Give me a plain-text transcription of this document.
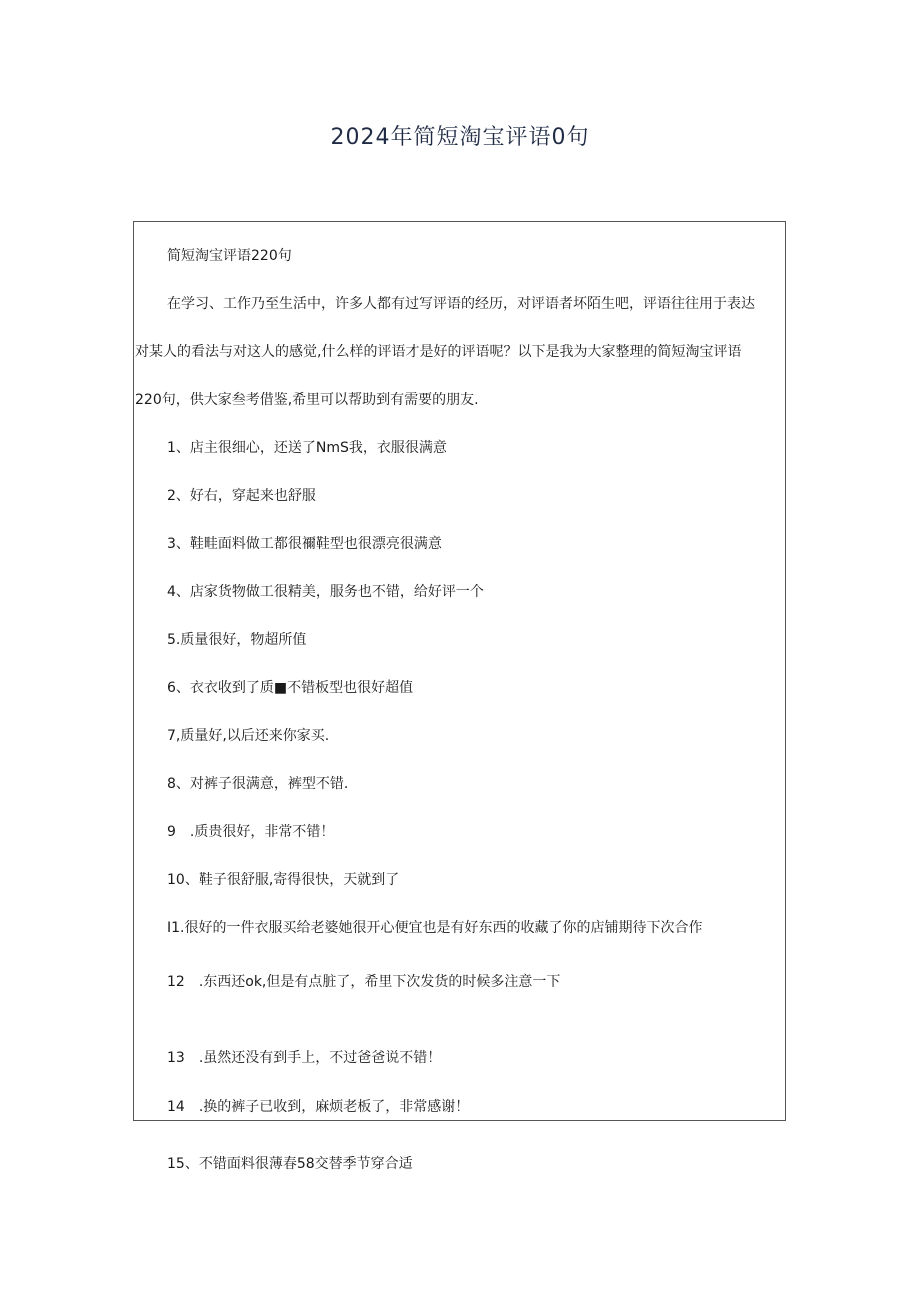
2024年简短淘宝评语0句
简短淘宝评语220句
在学习、工作乃至生活中，许多人都有过写评语的经历，对评语者坏陌生吧，评语往往用于表达
对某人的看法与对这人的感觉,什么样的评语才是好的评语呢？以下是我为大家整理的简短淘宝评语
220句，供大家叁考借鉴,希里可以帮助到有需要的朋友.
1、店主很细心，还送了NmS我，衣服很满意
2、好右，穿起来也舒服
3、鞋畦面料做工都很禰鞋型也很漂亮很满意
4、店家货物做工很精美，服务也不错，给好评一个
5.质量很好，物超所值
6、衣衣收到了质■不错板型也很好超值
7,质量好,以后还来你家买.
8、对裤子很满意，裤型不错.
9　.质贵很好，非常不错！
10、鞋子很舒服,寄得很快，天就到了
I1.很好的一件衣服买给老婆她很开心便宜也是有好东西的收藏了你的店铺期待下次合作
12　.东西还ok,但是有点脏了，希里下次发货的时候多注意一下
13　.虽然还没有到手上，不过爸爸说不错！
14　.换的裤子已收到，麻烦老板了，非常感谢！
15、不错面料很薄春58交替季节穿合适
